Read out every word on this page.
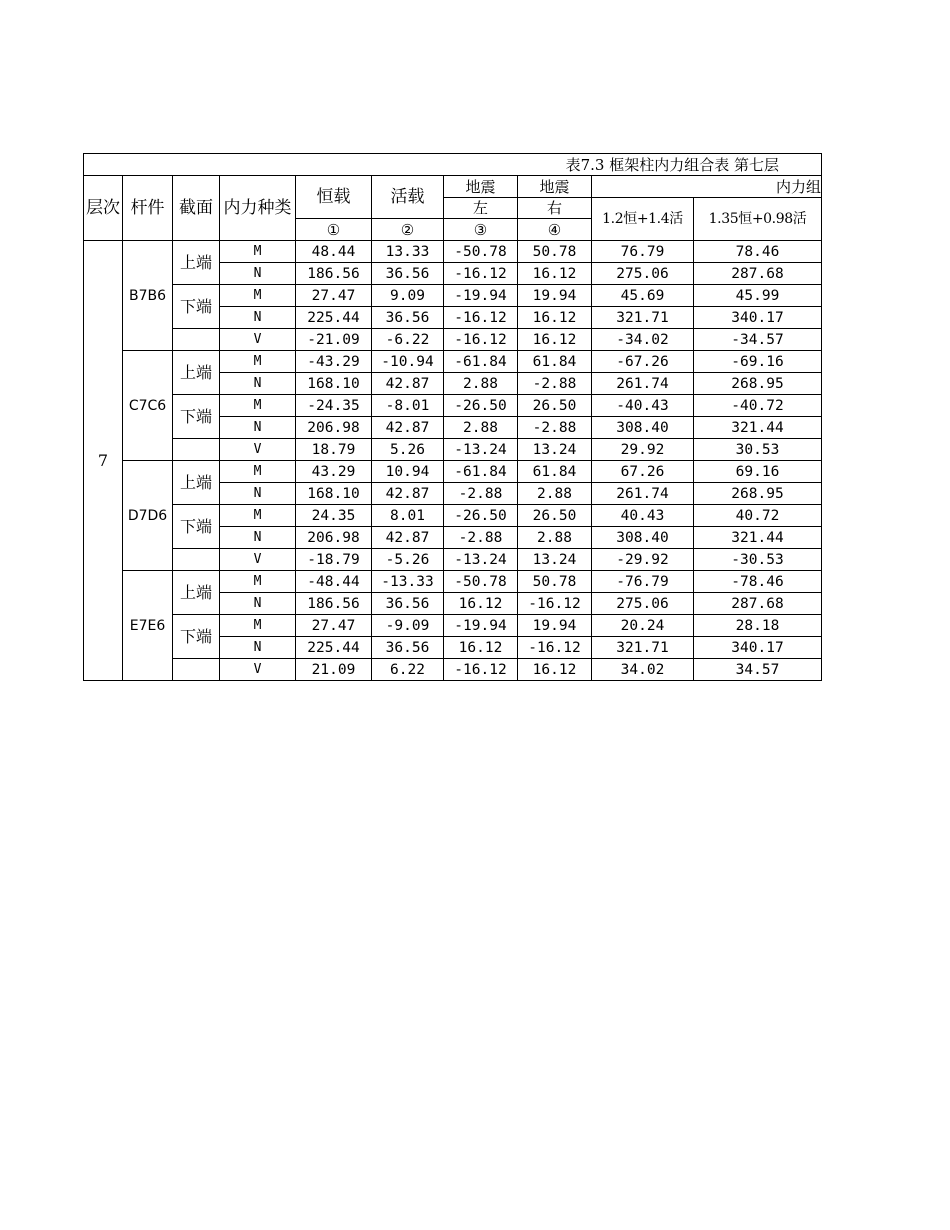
表7.3 框架柱内力组合表 第七层									
层次	杆件	截面	内力种类	恒载	活载	地震	地震	内力组	
						左	右	1.2恒+1.4活	1.35恒+0.98活
				①	②	③	④		
7	B7B6	上端	M	48.44	13.33	-50.78	50.78	76.79	78.46
			N	186.56	36.56	-16.12	16.12	275.06	287.68
		下端	M	27.47	9.09	-19.94	19.94	45.69	45.99
			N	225.44	36.56	-16.12	16.12	321.71	340.17
			V	-21.09	-6.22	-16.12	16.12	-34.02	-34.57
	C7C6	上端	M	-43.29	-10.94	-61.84	61.84	-67.26	-69.16
			N	168.10	42.87	2.88	-2.88	261.74	268.95
		下端	M	-24.35	-8.01	-26.50	26.50	-40.43	-40.72
			N	206.98	42.87	2.88	-2.88	308.40	321.44
			V	18.79	5.26	-13.24	13.24	29.92	30.53
	D7D6	上端	M	43.29	10.94	-61.84	61.84	67.26	69.16
			N	168.10	42.87	-2.88	2.88	261.74	268.95
		下端	M	24.35	8.01	-26.50	26.50	40.43	40.72
			N	206.98	42.87	-2.88	2.88	308.40	321.44
			V	-18.79	-5.26	-13.24	13.24	-29.92	-30.53
	E7E6	上端	M	-48.44	-13.33	-50.78	50.78	-76.79	-78.46
			N	186.56	36.56	16.12	-16.12	275.06	287.68
		下端	M	27.47	-9.09	-19.94	19.94	20.24	28.18
			N	225.44	36.56	16.12	-16.12	321.71	340.17
			V	21.09	6.22	-16.12	16.12	34.02	34.57
